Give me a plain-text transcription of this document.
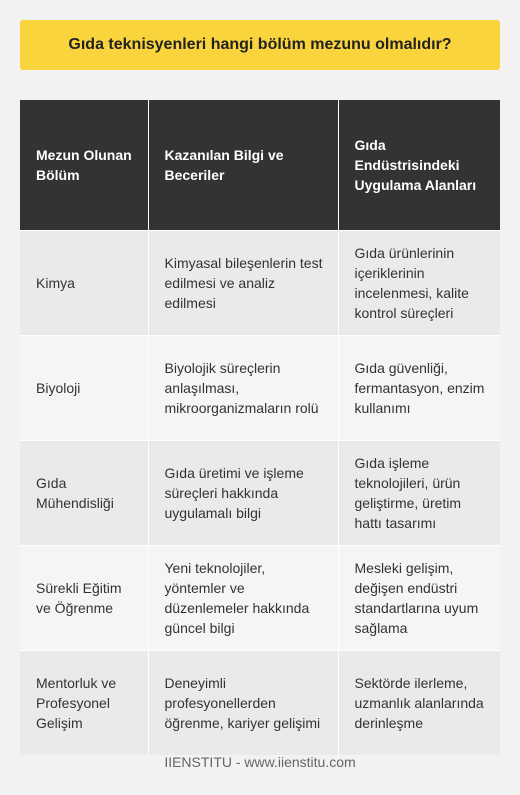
Gıda teknisyenleri hangi bölüm mezunu olmalıdır?
Mezun Olunan Bölüm	Kazanılan Bilgi ve Beceriler	Gıda Endüstrisindeki Uygulama Alanları
Kimya	Kimyasal bileşenlerin test edilmesi ve analiz edilmesi	Gıda ürünlerinin içeriklerinin incelenmesi, kalite kontrol süreçleri
Biyoloji	Biyolojik süreçlerin anlaşılması, mikroorganizmaların rolü	Gıda güvenliği, fermantasyon, enzim kullanımı
Gıda Mühendisliği	Gıda üretimi ve işleme süreçleri hakkında uygulamalı bilgi	Gıda işleme teknolojileri, ürün geliştirme, üretim hattı tasarımı
Sürekli Eğitim ve Öğrenme	Yeni teknolojiler, yöntemler ve düzenlemeler hakkında güncel bilgi	Mesleki gelişim, değişen endüstri standartlarına uyum sağlama
Mentorluk ve Profesyonel Gelişim	Deneyimli profesyonellerden öğrenme, kariyer gelişimi	Sektörde ilerleme, uzmanlık alanlarında derinleşme
IIENSTITU - www.iienstitu.com
